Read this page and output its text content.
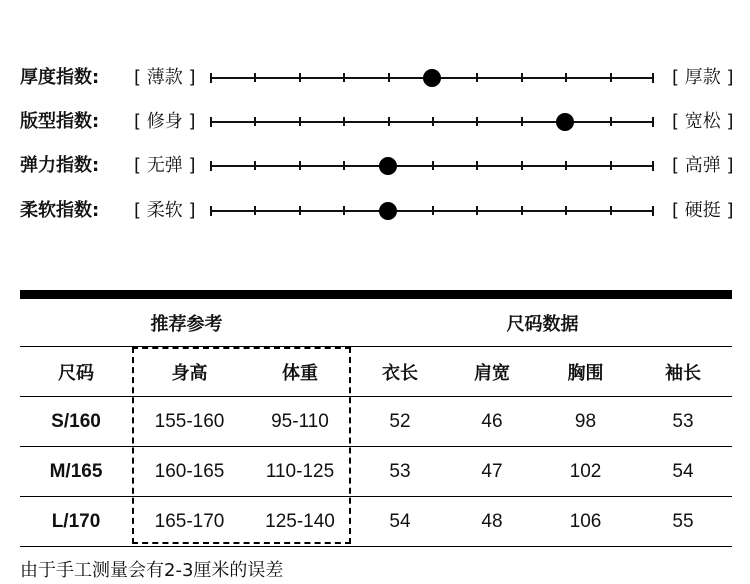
厚度指数: [ 薄款 ]	[ 厚款 ]
版型指数: [ 修身 ]	[ 宽松 ]
弹力指数: [ 无弹 ]	[ 高弹 ]
柔软指数: [ 柔软 ]	[ 硬挺 ]
推荐参考			尺码数据			
尺码	身高	体重	衣长	肩宽	胸围	袖长
S/160	155-160	95-110	52	46	98	53
M/165	160-165	110-125	53	47	102	54
L/170	165-170	125-140	54	48	106	55
由于手工测量会有2-3厘米的误差
